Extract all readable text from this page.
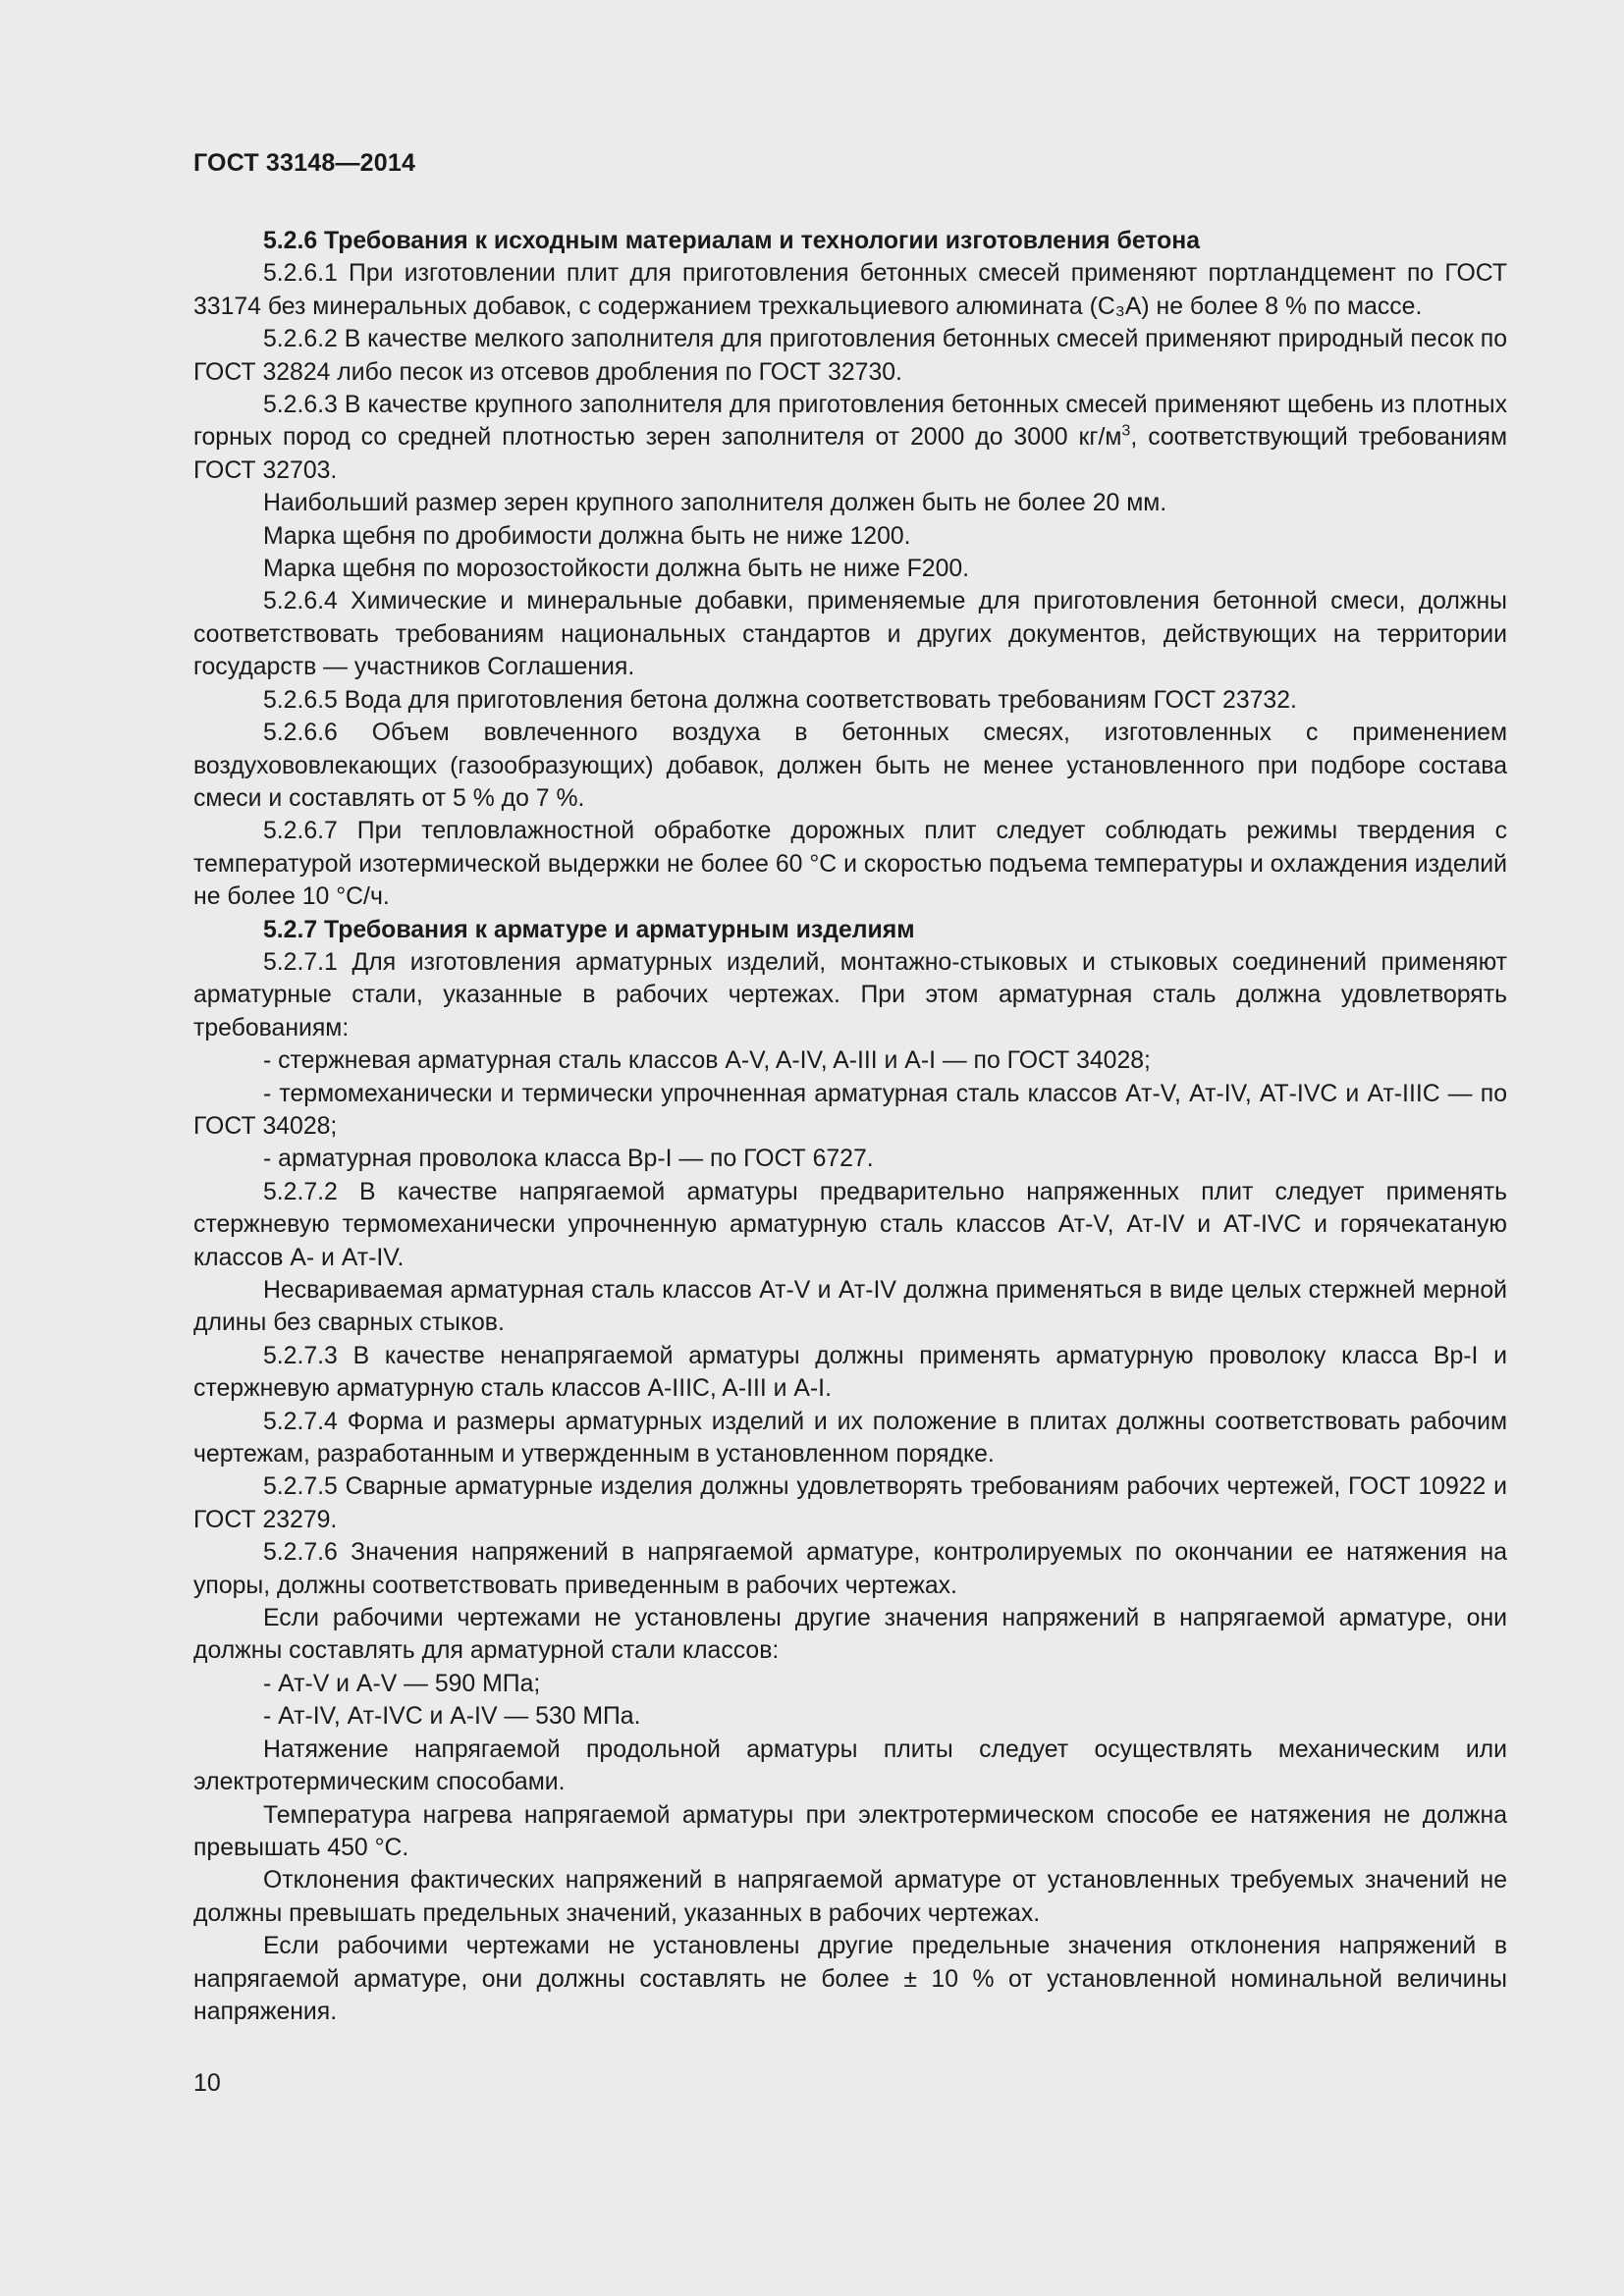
ГОСТ 33148—2014

5.2.6 Требования к исходным материалам и технологии изготовления бетона

5.2.6.1 При изготовлении плит для приготовления бетонных смесей применяют портландцемент по ГОСТ 33174 без минеральных добавок, с содержанием трехкальциевого алюмината (С₃А) не более 8 % по массе.

5.2.6.2 В качестве мелкого заполнителя для приготовления бетонных смесей применяют природный песок по ГОСТ 32824 либо песок из отсевов дробления по ГОСТ 32730.

5.2.6.3 В качестве крупного заполнителя для приготовления бетонных смесей применяют щебень из плотных горных пород со средней плотностью зерен заполнителя от 2000 до 3000 $кг/м^3$, соответствующий требованиям ГОСТ 32703.

Наибольший размер зерен крупного заполнителя должен быть не более 20 мм.

Марка щебня по дробимости должна быть не ниже 1200.

Марка щебня по морозостойкости должна быть не ниже F200.

5.2.6.4 Химические и минеральные добавки, применяемые для приготовления бетонной смеси, должны соответствовать требованиям национальных стандартов и других документов, действующих на территории государств — участников Соглашения.

5.2.6.5 Вода для приготовления бетона должна соответствовать требованиям ГОСТ 23732.

5.2.6.6 Объем вовлеченного воздуха в бетонных смесях, изготовленных с применением воздухововлекающих (газообразующих) добавок, должен быть не менее установленного при подборе состава смеси и составлять от 5 % до 7 %.

5.2.6.7 При тепловлажностной обработке дорожных плит следует соблюдать режимы твердения с температурой изотермической выдержки не более 60 °С и скоростью подъема температуры и охлаждения изделий не более 10 °С/ч.

5.2.7 Требования к арматуре и арматурным изделиям

5.2.7.1 Для изготовления арматурных изделий, монтажно-стыковых и стыковых соединений применяют арматурные стали, указанные в рабочих чертежах. При этом арматурная сталь должна удовлетворять требованиям:

- стержневая арматурная сталь классов A-V, A-IV, A-III и A-I — по ГОСТ 34028;

- термомеханически и термически упрочненная арматурная сталь классов Ат-V, Ат-IV, АТ-IVC и Ат-IIIC — по ГОСТ 34028;

- арматурная проволока класса Вр-I — по ГОСТ 6727.

5.2.7.2 В качестве напрягаемой арматуры предварительно напряженных плит следует применять стержневую термомеханически упрочненную арматурную сталь классов Ат-V, Ат-IV и АТ-IVC и горячекатаную классов А- и Ат-IV.

Несвариваемая арматурная сталь классов Ат-V и Ат-IV должна применяться в виде целых стержней мерной длины без сварных стыков.

5.2.7.3 В качестве ненапрягаемой арматуры должны применять арматурную проволоку класса Вр-I и стержневую арматурную сталь классов A-IIIC, A-III и A-I.

5.2.7.4 Форма и размеры арматурных изделий и их положение в плитах должны соответствовать рабочим чертежам, разработанным и утвержденным в установленном порядке.

5.2.7.5 Сварные арматурные изделия должны удовлетворять требованиям рабочих чертежей, ГОСТ 10922 и ГОСТ 23279.

5.2.7.6 Значения напряжений в напрягаемой арматуре, контролируемых по окончании ее натяжения на упоры, должны соответствовать приведенным в рабочих чертежах.

Если рабочими чертежами не установлены другие значения напряжений в напрягаемой арматуре, они должны составлять для арматурной стали классов:

- Ат-V и A-V — 590 МПа;

- Ат-IV, Ат-IVC и A-IV — 530 МПа.

Натяжение напрягаемой продольной арматуры плиты следует осуществлять механическим или электротермическим способами.

Температура нагрева напрягаемой арматуры при электротермическом способе ее натяжения не должна превышать 450 °С.

Отклонения фактических напряжений в напрягаемой арматуре от установленных требуемых значений не должны превышать предельных значений, указанных в рабочих чертежах.

Если рабочими чертежами не установлены другие предельные значения отклонения напряжений в напрягаемой арматуре, они должны составлять не более ± 10 % от установленной номинальной величины напряжения.

10
